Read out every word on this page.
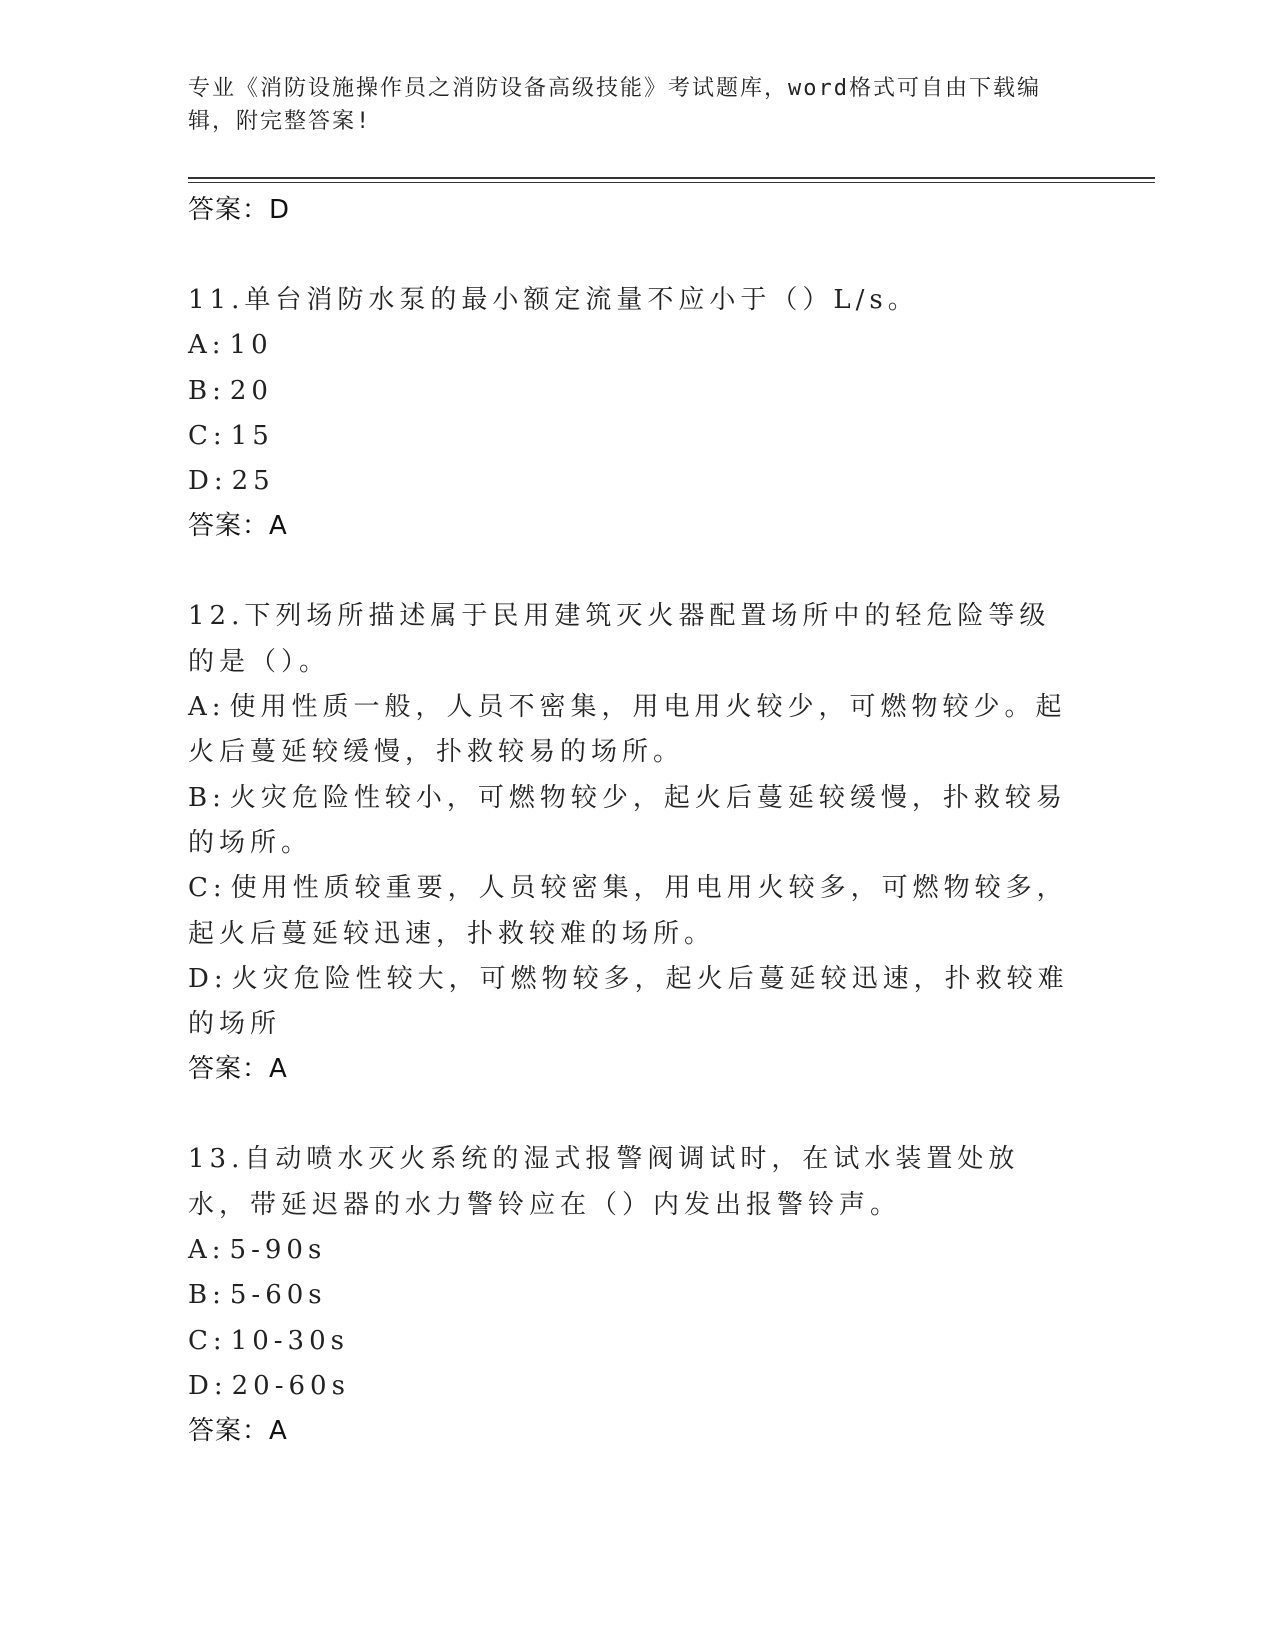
专业《消防设施操作员之消防设备高级技能》考试题库，word格式可自由下载编辑，附完整答案!
答案：D
11.单台消防水泵的最小额定流量不应小于（）L/s。
A: 10
B: 20
C: 15
D: 25
答案：A
12.下列场所描述属于民用建筑灭火器配置场所中的轻危险等级的是（）。
A: 使用性质一般，人员不密集，用电用火较少，可燃物较少。起火后蔓延较缓慢，扑救较易的场所。
B: 火灾危险性较小，可燃物较少，起火后蔓延较缓慢，扑救较易的场所。
C: 使用性质较重要，人员较密集，用电用火较多，可燃物较多，起火后蔓延较迅速，扑救较难的场所。
D: 火灾危险性较大，可燃物较多，起火后蔓延较迅速，扑救较难的场所
答案：A
13.自动喷水灭火系统的湿式报警阀调试时，在试水装置处放水，带延迟器的水力警铃应在（）内发出报警铃声。
A: 5-90s
B: 5-60s
C: 10-30s
D: 20-60s
答案：A
